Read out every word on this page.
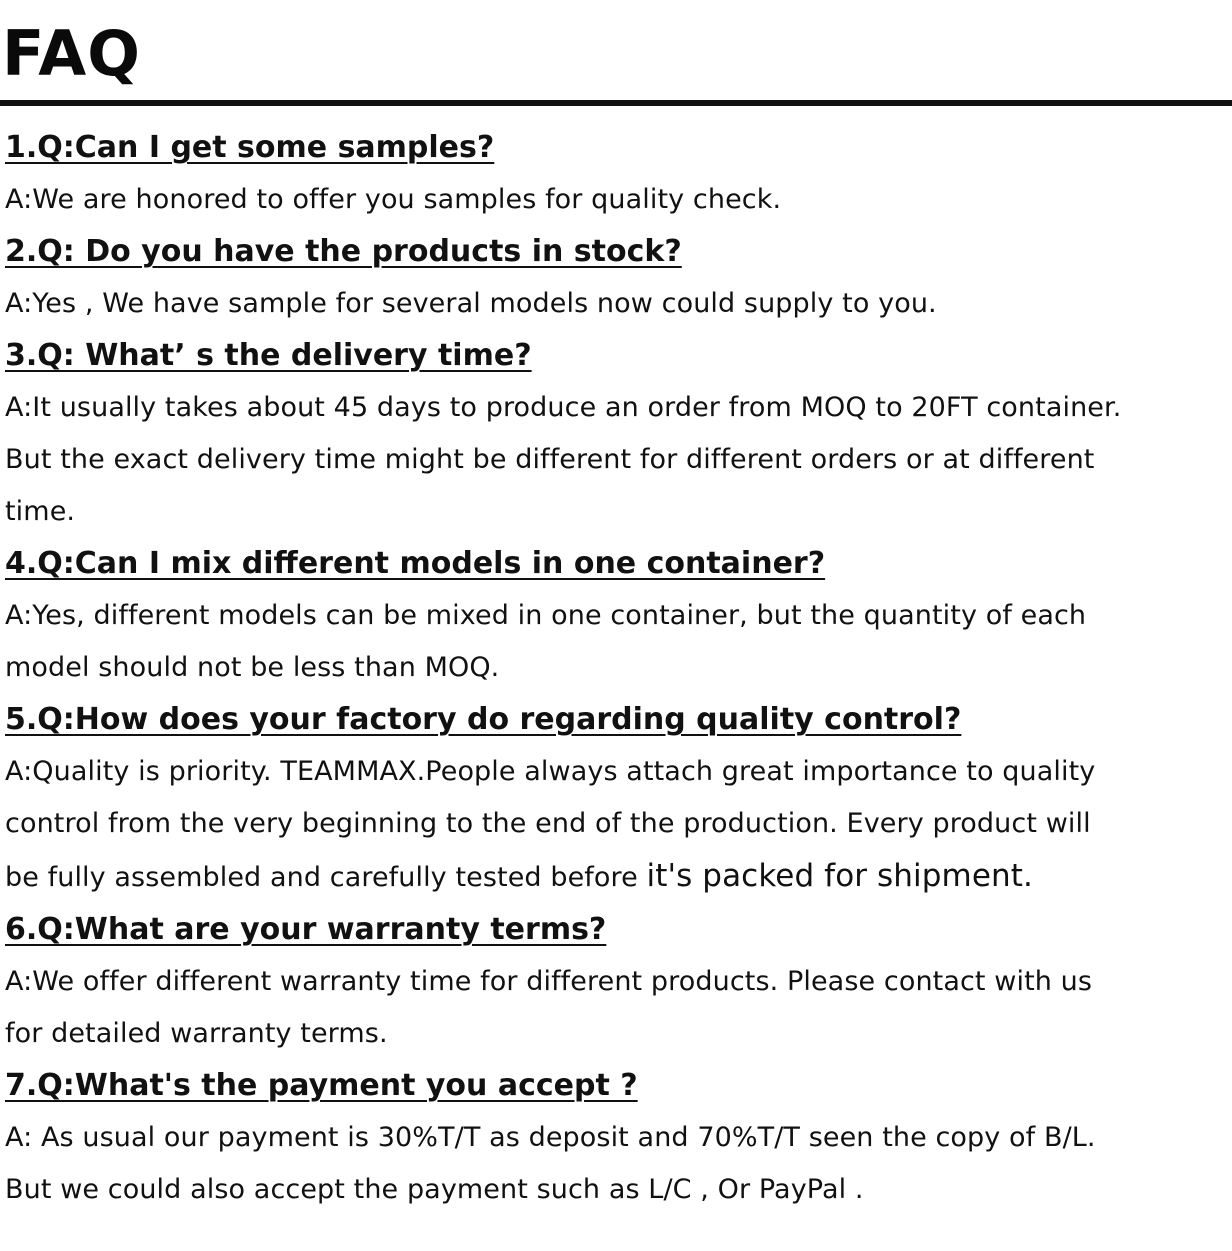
FAQ

1.Q:Can I get some samples?

A:We are honored to offer you samples for quality check.

2.Q: Do you have the products in stock?

A:Yes , We have sample for several models now could supply to you.

3.Q: What’ s the delivery time?

A:It usually takes about 45 days to produce an order from MOQ to 20FT container.
But the exact delivery time might be different for different orders or at different
time.

4.Q:Can I mix different models in one container?

A:Yes, different models can be mixed in one container, but the quantity of each
model should not be less than MOQ.

5.Q:How does your factory do regarding quality control?

A:Quality is priority. TEAMMAX.People always attach great importance to quality
control from the very beginning to the end of the production. Every product will
be fully assembled and carefully tested before it's packed for shipment.

6.Q:What are your warranty terms?

A:We offer different warranty time for different products. Please contact with us
for detailed warranty terms.

7.Q:What's the payment you accept ?

A: As usual our payment is 30%T/T as deposit and 70%T/T seen the copy of B/L.
But we could also accept the payment such as L/C , Or PayPal .
